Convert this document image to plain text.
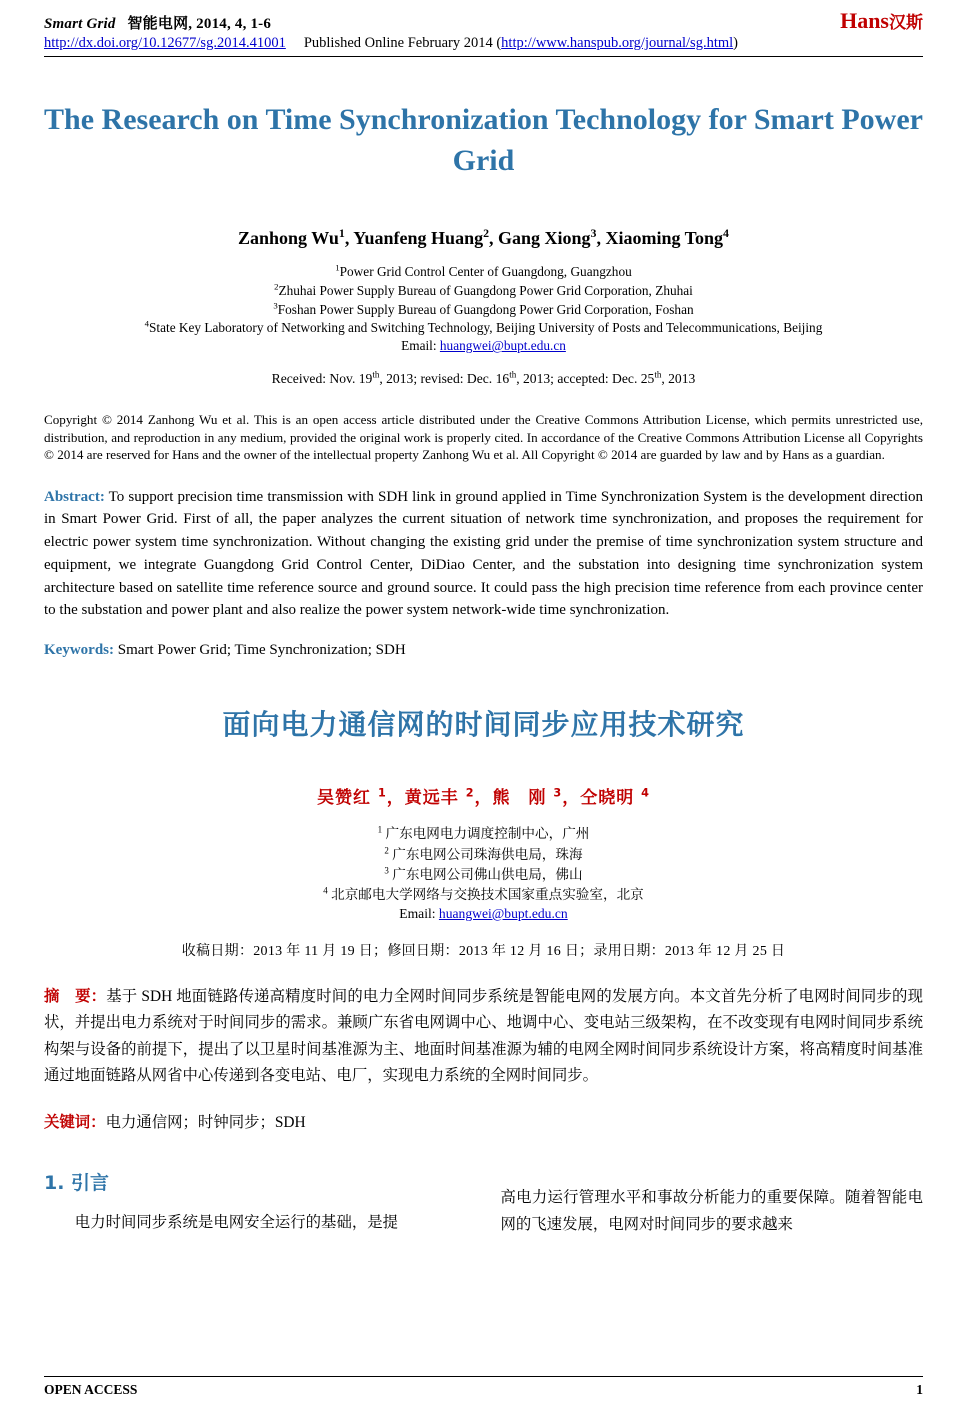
Smart Grid 智能电网, 2014, 4, 1-6	Hans汉斯
http://dx.doi.org/10.12677/sg.2014.41001 Published Online February 2014 (http://www.hanspub.org/journal/sg.html)
The Research on Time Synchronization Technology for Smart Power Grid
Zanhong Wu$^1$, Yuanfeng Huang$^2$, Gang Xiong$^3$, Xiaoming Tong$^4$
$^1$Power Grid Control Center of Guangdong, Guangzhou
$^2$Zhuhai Power Supply Bureau of Guangdong Power Grid Corporation, Zhuhai
$^3$Foshan Power Supply Bureau of Guangdong Power Grid Corporation, Foshan
$^4$State Key Laboratory of Networking and Switching Technology, Beijing University of Posts and Telecommunications, Beijing
Email: huangwei@bupt.edu.cn
Received: Nov. 19th, 2013; revised: Dec. 16th, 2013; accepted: Dec. 25th, 2013
Copyright © 2014 Zanhong Wu et al. This is an open access article distributed under the Creative Commons Attribution License, which permits unrestricted use, distribution, and reproduction in any medium, provided the original work is properly cited. In accordance of the Creative Commons Attribution License all Copyrights © 2014 are reserved for Hans and the owner of the intellectual property Zanhong Wu et al. All Copyright © 2014 are guarded by law and by Hans as a guardian.
Abstract: To support precision time transmission with SDH link in ground applied in Time Synchronization System is the development direction in Smart Power Grid. First of all, the paper analyzes the current situation of network time synchronization, and proposes the requirement for electric power system time synchronization. Without changing the existing grid under the premise of time synchronization system structure and equipment, we integrate Guangdong Grid Control Center, DiDiao Center, and the substation into designing time synchronization system architecture based on satellite time reference source and ground source. It could pass the high precision time reference from each province center to the substation and power plant and also realize the power system network-wide time synchronization.
Keywords: Smart Power Grid; Time Synchronization; SDH
面向电力通信网的时间同步应用技术研究
吴赞红 $^1$，黄远丰 $^2$，熊　刚 $^3$，仝晓明 $^4$
$^1$ 广东电网电力调度控制中心，广州
$^2$ 广东电网公司珠海供电局，珠海
$^3$ 广东电网公司佛山供电局，佛山
$^4$ 北京邮电大学网络与交换技术国家重点实验室，北京
Email: huangwei@bupt.edu.cn
收稿日期：2013 年 11 月 19 日；修回日期：2013 年 12 月 16 日；录用日期：2013 年 12 月 25 日
摘　要：基于 SDH 地面链路传递高精度时间的电力全网时间同步系统是智能电网的发展方向。本文首先分析了电网时间同步的现状，并提出电力系统对于时间同步的需求。兼顾广东省电网调中心、地调中心、变电站三级架构，在不改变现有电网时间同步系统构架与设备的前提下，提出了以卫星时间基准源为主、地面时间基准源为辅的电网全网时间同步系统设计方案，将高精度时间基准通过地面链路从网省中心传递到各变电站、电厂，实现电力系统的全网时间同步。
关键词：电力通信网；时钟同步；SDH
1. 引言

电力时间同步系统是电网安全运行的基础，是提

高电力运行管理水平和事故分析能力的重要保障。随着智能电网的飞速发展，电网对时间同步的要求越来

OPEN ACCESS	1
